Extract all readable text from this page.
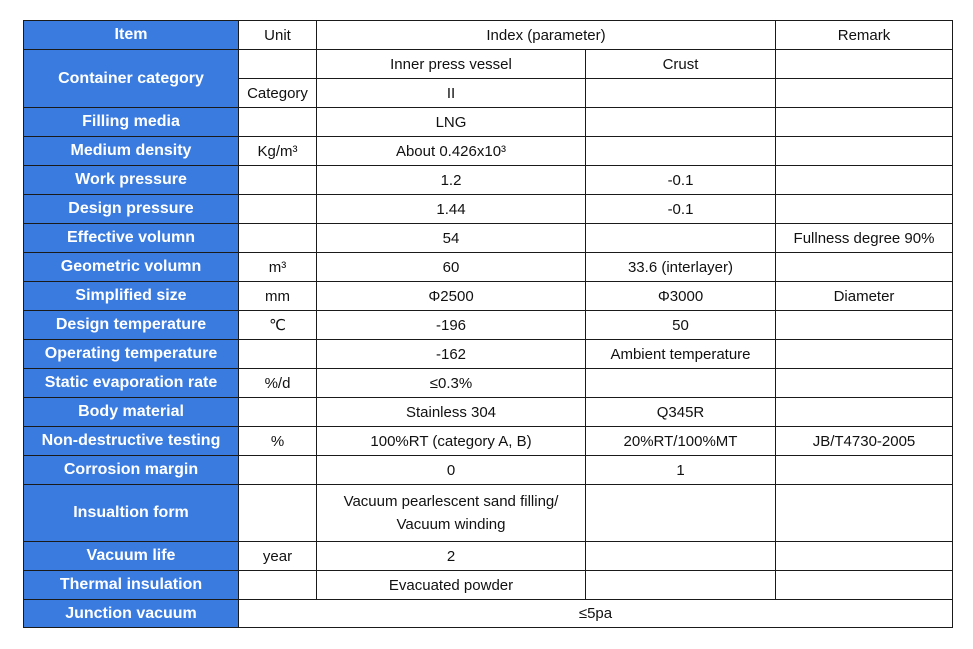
Item	Unit	Index (parameter)		Remark
Container category		Inner press vessel	Crust	
	Category	II		
Filling media		LNG		
Medium density	Kg/m³	About 0.426x10³		
Work pressure		1.2	-0.1	
Design pressure		1.44	-0.1	
Effective volumn		54		Fullness degree 90%
Geometric volumn	m³	60	33.6 (interlayer)	
Simplified size	mm	Φ2500	Φ3000	Diameter
Design temperature	℃	-196	50	
Operating temperature		-162	Ambient temperature	
Static evaporation rate	%/d	≤0.3%		
Body material		Stainless 304	Q345R	
Non-destructive testing	%	100%RT (category A, B)	20%RT/100%MT	JB/T4730-2005
Corrosion margin		0	1	
Insualtion form		Vacuum pearlescent sand filling/
Vacuum winding		

Vacuum life	year	2		
Thermal insulation		Evacuated powder		
Junction vacuum	≤5pa			
